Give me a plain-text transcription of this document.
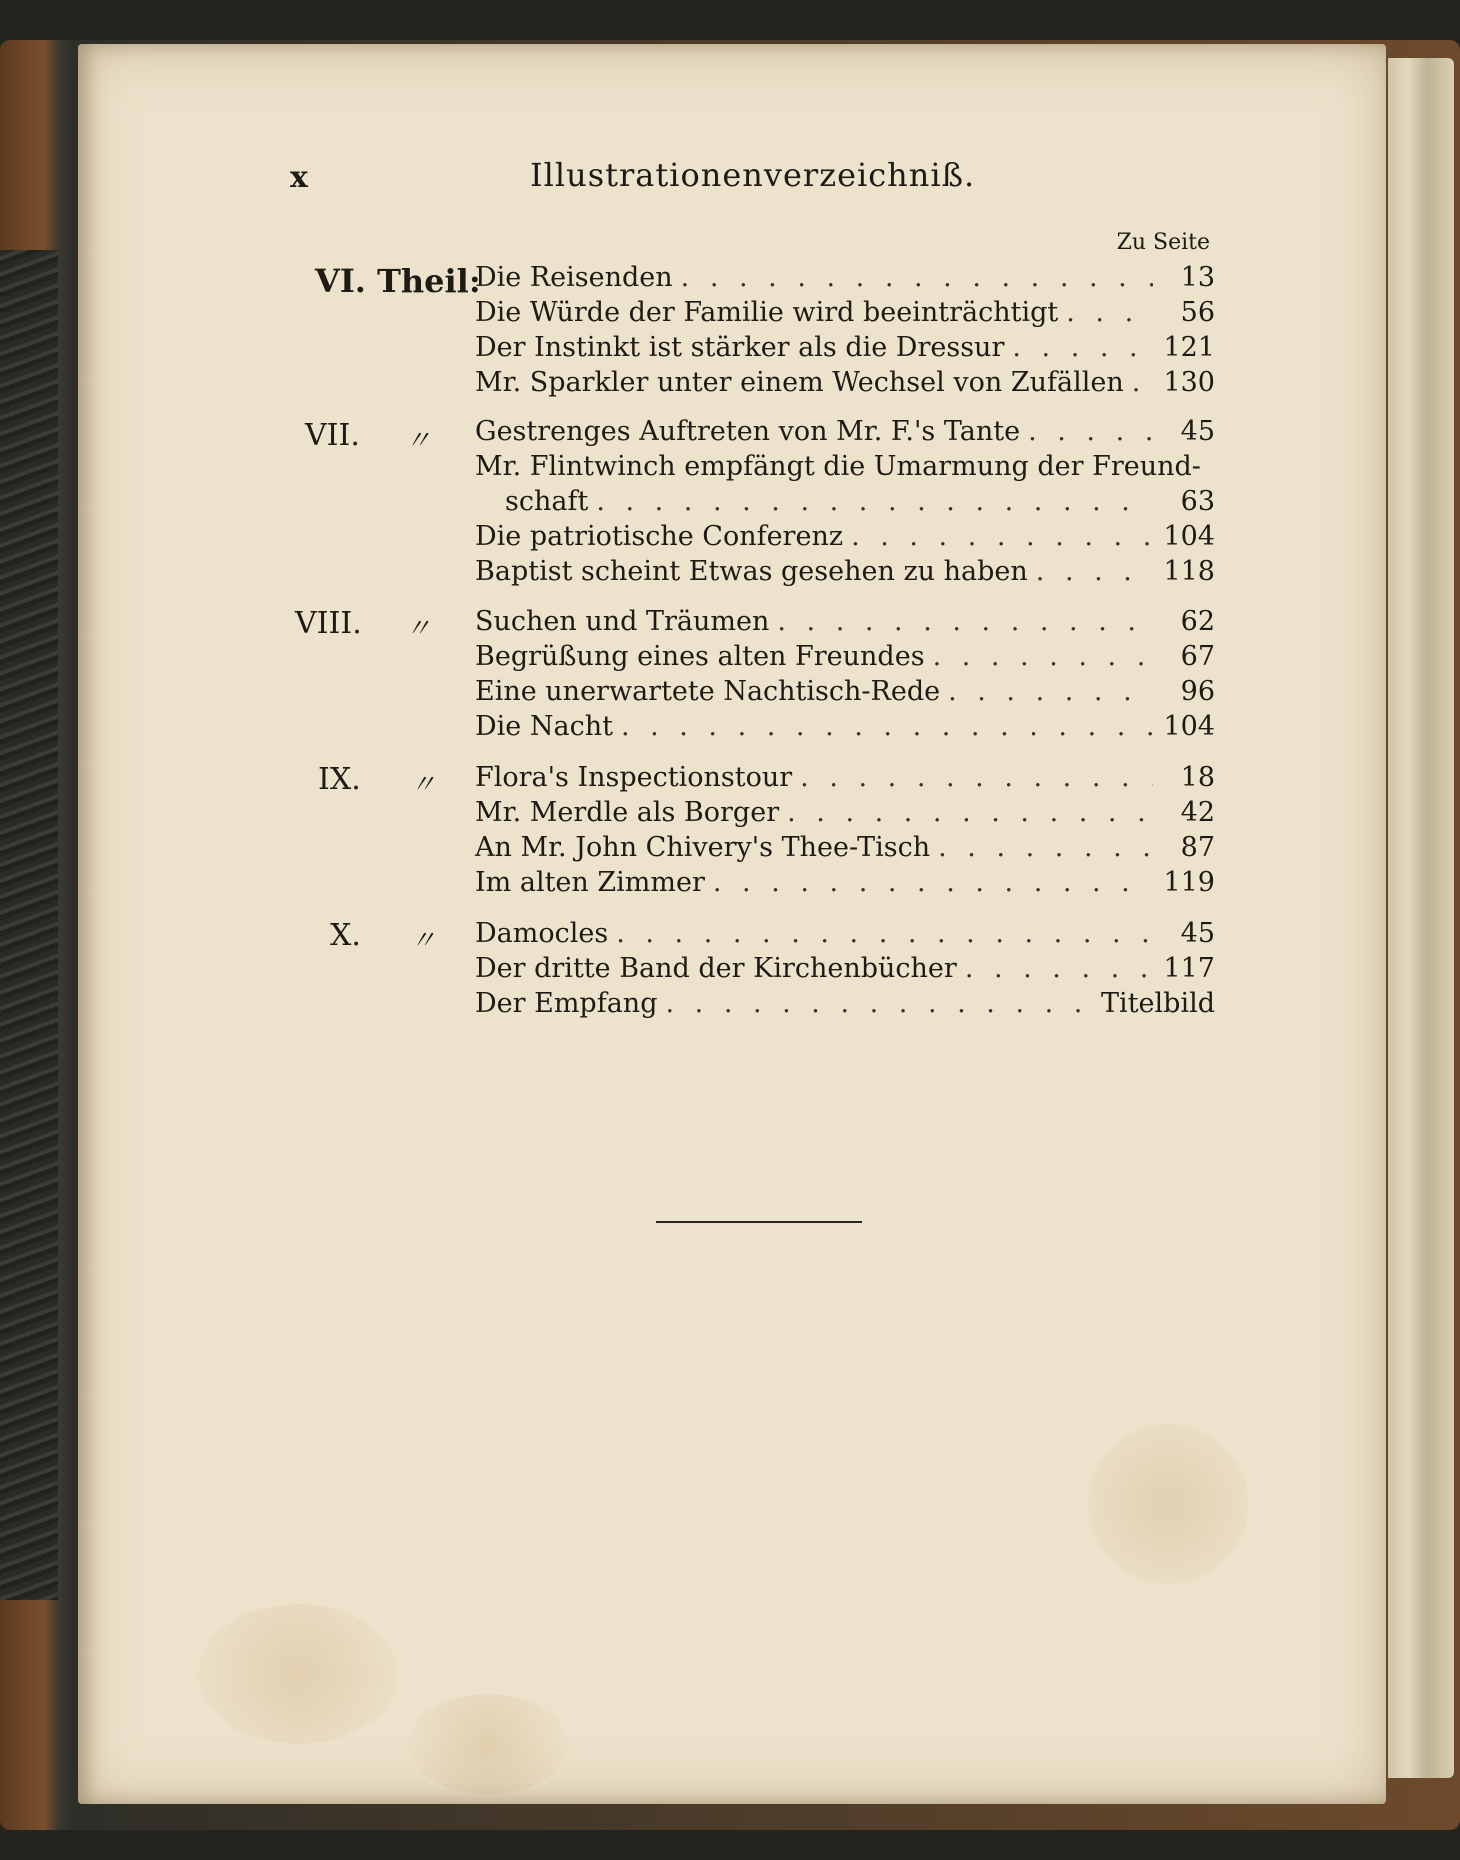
x	Illustrationenverzeichniß.
Zu Seite
VI. Theil:
Die Reisenden . . .	13
Die Würde der Familie wird beeinträchtigt . . .	56
Der Instinkt ist stärker als die Dressur . . .	121
Mr. Sparkler unter einem Wechsel von Zufällen . . . 130
VII. 〃 Gestrenges Auftreten von Mr. F.'s Tante . . .	45
Mr. Flintwinch empfängt die Umarmung der Freund-
schaft . . .	63
Die patriotische Conferenz . . .	104
Baptist scheint Etwas gesehen zu haben . . .	118
VIII. 〃 Suchen und Träumen . . .	62
Begrüßung eines alten Freundes . . .	67
Eine unerwartete Nachtisch-Rede . . .	96
Die Nacht . . .	104
IX. 〃 Flora's Inspectionstour . . .	18
Mr. Merdle als Borger . . .	42
An Mr. John Chivery's Thee-Tisch . . .	87
Im alten Zimmer . . .	119
X. 〃 Damocles . . .	45
Der dritte Band der Kirchenbücher . . .	117
Der Empfang . . .	Titelbild
